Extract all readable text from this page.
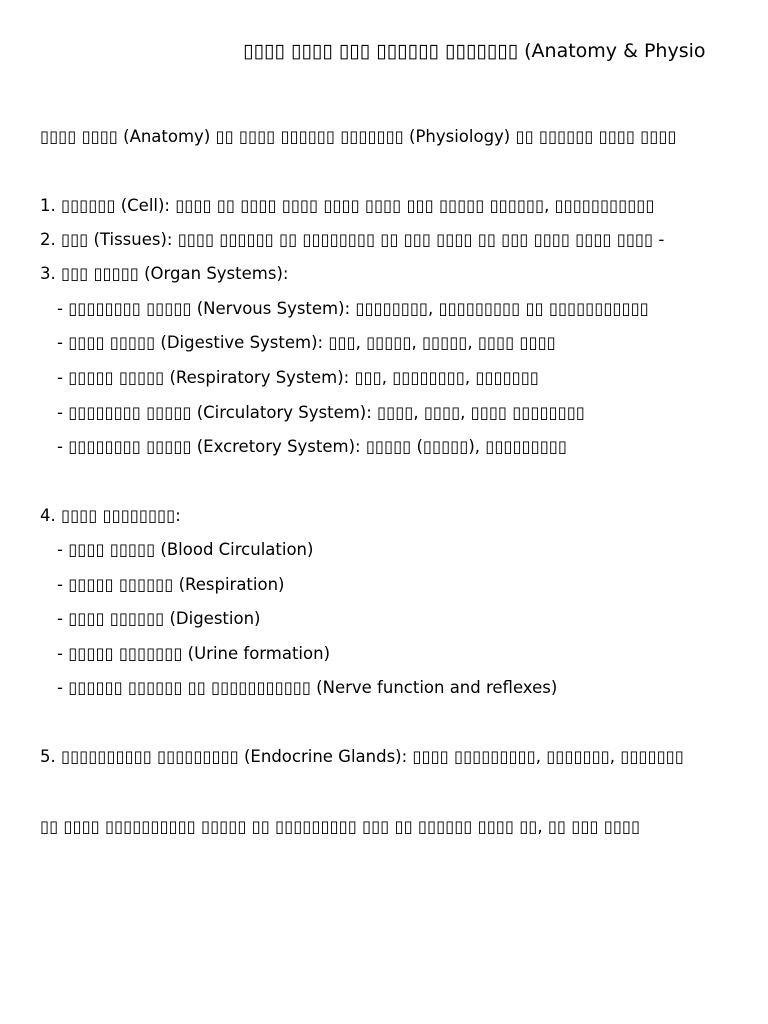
▯▯▯▯ ▯▯▯▯ ▯▯▯ ▯▯▯▯▯▯ ▯▯▯▯▯▯▯ (Anatomy & Physio
▯▯▯▯ ▯▯▯▯ (Anatomy) ▯▯ ▯▯▯▯ ▯▯▯▯▯▯ ▯▯▯▯▯▯▯ (Physiology) ▯▯ ▯▯▯▯▯▯ ▯▯▯▯ ▯▯▯▯
1. ▯▯▯▯▯▯ (Cell): ▯▯▯▯ ▯▯ ▯▯▯▯ ▯▯▯▯ ▯▯▯▯ ▯▯▯▯ ▯▯▯ ▯▯▯▯▯ ▯▯▯▯▯▯, ▯▯▯▯▯▯▯▯▯▯▯
2. ▯▯▯ (Tissues): ▯▯▯▯ ▯▯▯▯▯▯ ▯▯ ▯▯▯▯▯▯▯▯ ▯▯ ▯▯▯ ▯▯▯▯ ▯▯ ▯▯▯ ▯▯▯▯ ▯▯▯▯ ▯▯▯▯ -
3. ▯▯▯ ▯▯▯▯▯ (Organ Systems):
- ▯▯▯▯▯▯▯▯ ▯▯▯▯▯ (Nervous System): ▯▯▯▯▯▯▯▯, ▯▯▯▯▯▯▯▯▯ ▯▯ ▯▯▯▯▯▯▯▯▯▯▯
- ▯▯▯▯ ▯▯▯▯▯ (Digestive System): ▯▯▯, ▯▯▯▯▯, ▯▯▯▯▯, ▯▯▯▯ ▯▯▯▯
- ▯▯▯▯▯ ▯▯▯▯▯ (Respiratory System): ▯▯▯, ▯▯▯▯▯▯▯▯, ▯▯▯▯▯▯▯
- ▯▯▯▯▯▯▯▯ ▯▯▯▯▯ (Circulatory System): ▯▯▯▯, ▯▯▯▯, ▯▯▯▯ ▯▯▯▯▯▯▯▯
- ▯▯▯▯▯▯▯▯ ▯▯▯▯▯ (Excretory System): ▯▯▯▯▯ (▯▯▯▯▯), ▯▯▯▯▯▯▯▯▯
4. ▯▯▯▯ ▯▯▯▯▯▯▯▯:
- ▯▯▯▯ ▯▯▯▯▯ (Blood Circulation)
- ▯▯▯▯▯ ▯▯▯▯▯▯ (Respiration)
- ▯▯▯▯ ▯▯▯▯▯▯ (Digestion)
- ▯▯▯▯▯ ▯▯▯▯▯▯▯ (Urine formation)
- ▯▯▯▯▯▯ ▯▯▯▯▯▯ ▯▯ ▯▯▯▯▯▯▯▯▯▯▯ (Nerve function and reflexes)
5. ▯▯▯▯▯▯▯▯▯▯ ▯▯▯▯▯▯▯▯▯ (Endocrine Glands): ▯▯▯▯ ▯▯▯▯▯▯▯▯▯, ▯▯▯▯▯▯▯, ▯▯▯▯▯▯▯
▯▯ ▯▯▯▯ ▯▯▯▯▯▯▯▯▯▯ ▯▯▯▯▯ ▯▯ ▯▯▯▯▯▯▯▯▯ ▯▯▯ ▯▯ ▯▯▯▯▯▯ ▯▯▯▯ ▯▯, ▯▯ ▯▯▯ ▯▯▯▯
